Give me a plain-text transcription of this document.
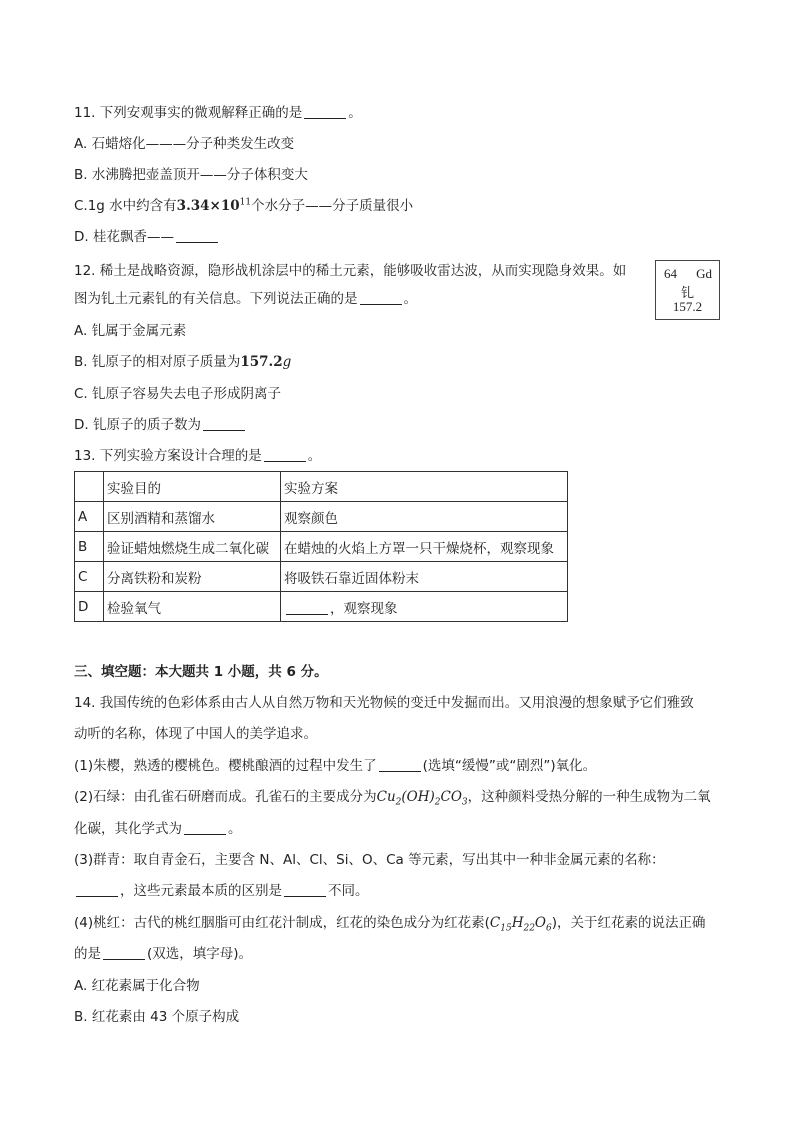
11. 下列安观事实的微观解释正确的是	。
A. 石蜡熔化———分子种类发生改变
B. 水沸腾把壶盖顶开——分子体积变大
C.1g 水中约含有$3.34\times 10^{11}$个水分子——分子质量很小
D. 桂花飘香——
12. 稀土是战略资源，隐形战机涂层中的稀土元素，能够吸收雷达波，从而实现隐身效果。如
图为钆土元素钆的有关信息。下列说法正确的是	。
64 Gd
钆
157.2
A. 钆属于金属元素
B. 钆原子的相对原子质量为157.2g
C. 钆原子容易失去电子形成阴离子
D. 钆原子的质子数为
13. 下列实验方案设计合理的是	。
	实验目的	实验方案
A	区别酒精和蒸馏水	观察颜色
B	验证蜡烛燃烧生成二氧化碳	在蜡烛的火焰上方罩一只干燥烧杯，观察现象
C	分离铁粉和炭粉	将吸铁石靠近固体粉末
D	检验氧气	，观察现象
三、填空题：本大题共 1 小题，共 6 分。
14. 我国传统的色彩体系由古人从自然万物和天光物候的变迁中发掘而出。又用浪漫的想象赋予它们雅致
动听的名称，体现了中国人的美学追求。
(1)朱樱，熟透的樱桃色。樱桃酿酒的过程中发生了	(选填“缓慢”或“剧烈”)氧化。
(2)石绿：由孔雀石研磨而成。孔雀石的主要成分为$Cu_2(OH)_2CO_3$，这种颜料受热分解的一种生成物为二氧
化碳，其化学式为	。
(3)群青：取自青金石，主要含 N、Al、Cl、Si、O、Ca 等元素，写出其中一种非金属元素的名称：
，这些元素最本质的区别是	不同。
(4)桃红：古代的桃红胭脂可由红花汁制成，红花的染色成分为红花素$(C_{15}H_{22}O_6)$，关于红花素的说法正确
的是	(双选，填字母)。
A. 红花素属于化合物
B. 红花素由 43 个原子构成
